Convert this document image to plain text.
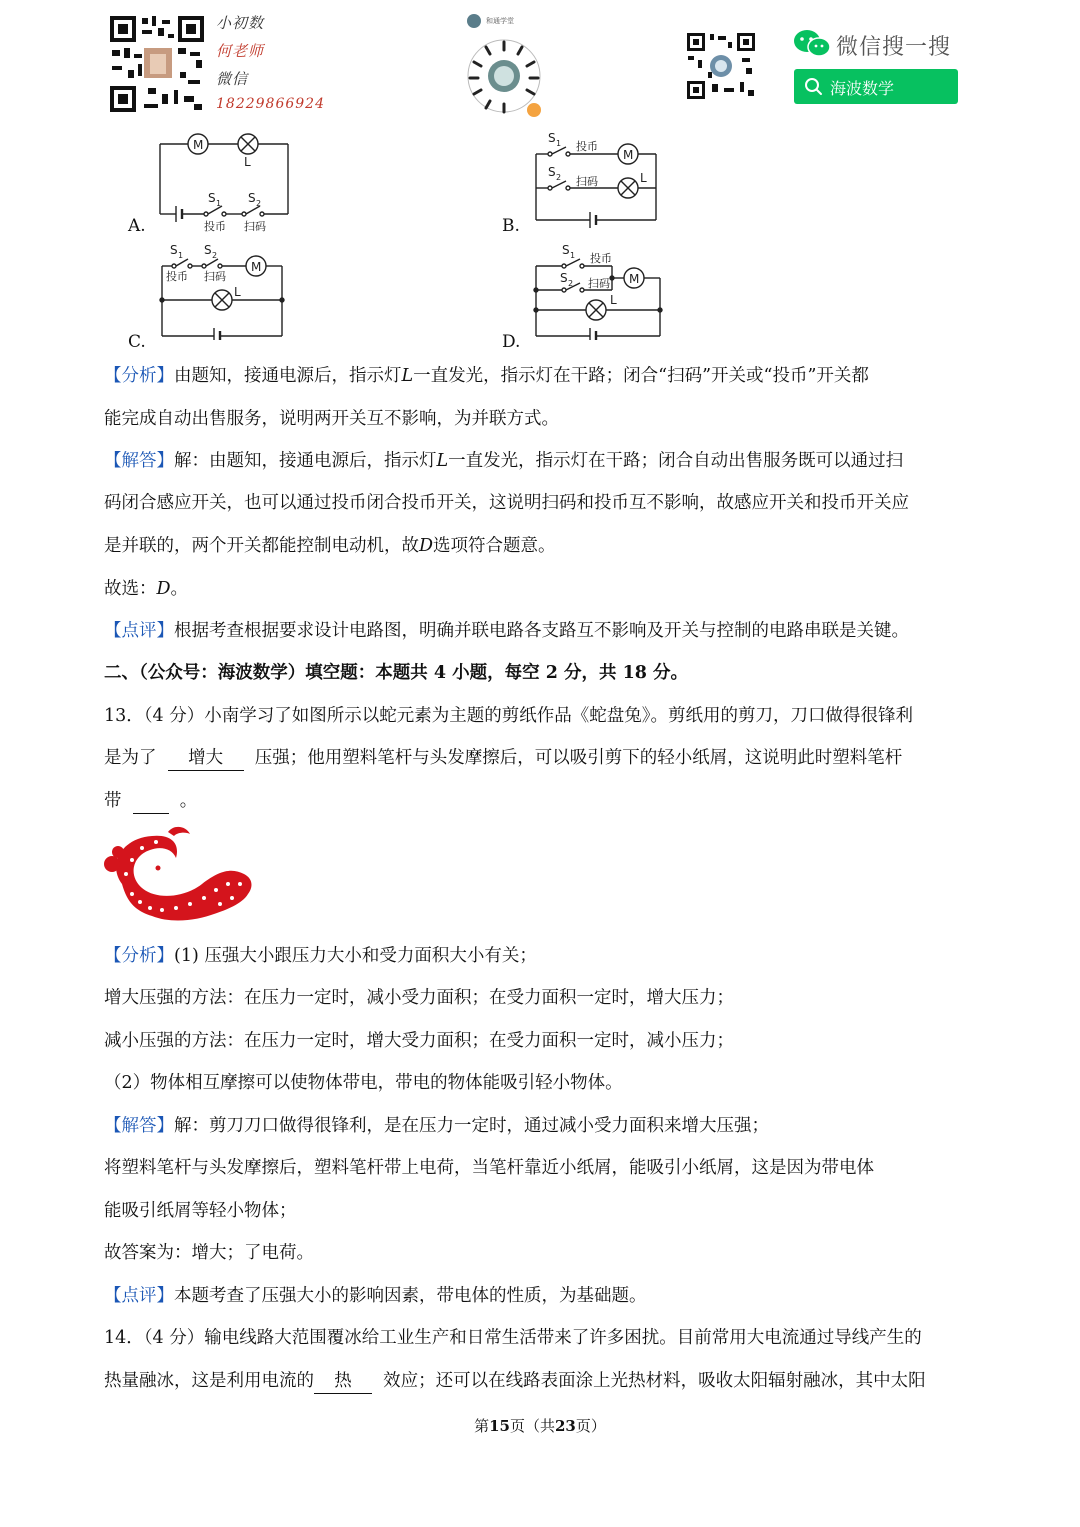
小初数
何老师
微信
18229866924
和通学堂
微信搜一搜
海波数学
A.	B.
C.	D.
M
L
S 1 S 2
投币 扫码
S 1 投币
M
S 2 扫码	L
S 1 S 2
投币 扫码
M
L
S 1 投币
S 2 扫码 M
L
【分析】由题知，接通电源后，指示灯L一直发光，指示灯在干路；闭合“扫码”开关或“投币”开关都
能完成自动出售服务，说明两开关互不影响，为并联方式。
【解答】解：由题知，接通电源后，指示灯L一直发光，指示灯在干路；闭合自动出售服务既可以通过扫
码闭合感应开关，也可以通过投币闭合投币开关，这说明扫码和投币互不影响，故感应开关和投币开关应
是并联的，两个开关都能控制电动机，故D选项符合题意。
故选：D。
【点评】根据考查根据要求设计电路图，明确并联电路各支路互不影响及开关与控制的电路串联是关键。
二、（公众号：海波数学）填空题：本题共 4 小题，每空 2 分，共 18 分。
13．（4 分）小南学习了如图所示以蛇元素为主题的剪纸作品《蛇盘兔》。剪纸用的剪刀，刀口做得很锋利
是为了 增大 压强；他用塑料笔杆与头发摩擦后，可以吸引剪下的轻小纸屑，这说明此时塑料笔杆
带	。
【分析】(1) 压强大小跟压力大小和受力面积大小有关；
增大压强的方法：在压力一定时，减小受力面积；在受力面积一定时，增大压力；
减小压强的方法：在压力一定时，增大受力面积；在受力面积一定时，减小压力；
（2）物体相互摩擦可以使物体带电，带电的物体能吸引轻小物体。
【解答】解：剪刀刀口做得很锋利，是在压力一定时，通过减小受力面积来增大压强；
将塑料笔杆与头发摩擦后，塑料笔杆带上电荷，当笔杆靠近小纸屑，能吸引小纸屑，这是因为带电体
能吸引纸屑等轻小物体；
故答案为：增大；了电荷。
【点评】本题考查了压强大小的影响因素，带电体的性质，为基础题。
14．（4 分）输电线路大范围覆冰给工业生产和日常生活带来了许多困扰。目前常用大电流通过导线产生的
热量融冰，这是利用电流的 热 效应；还可以在线路表面涂上光热材料，吸收太阳辐射融冰，其中太阳
第15页（共23页）
